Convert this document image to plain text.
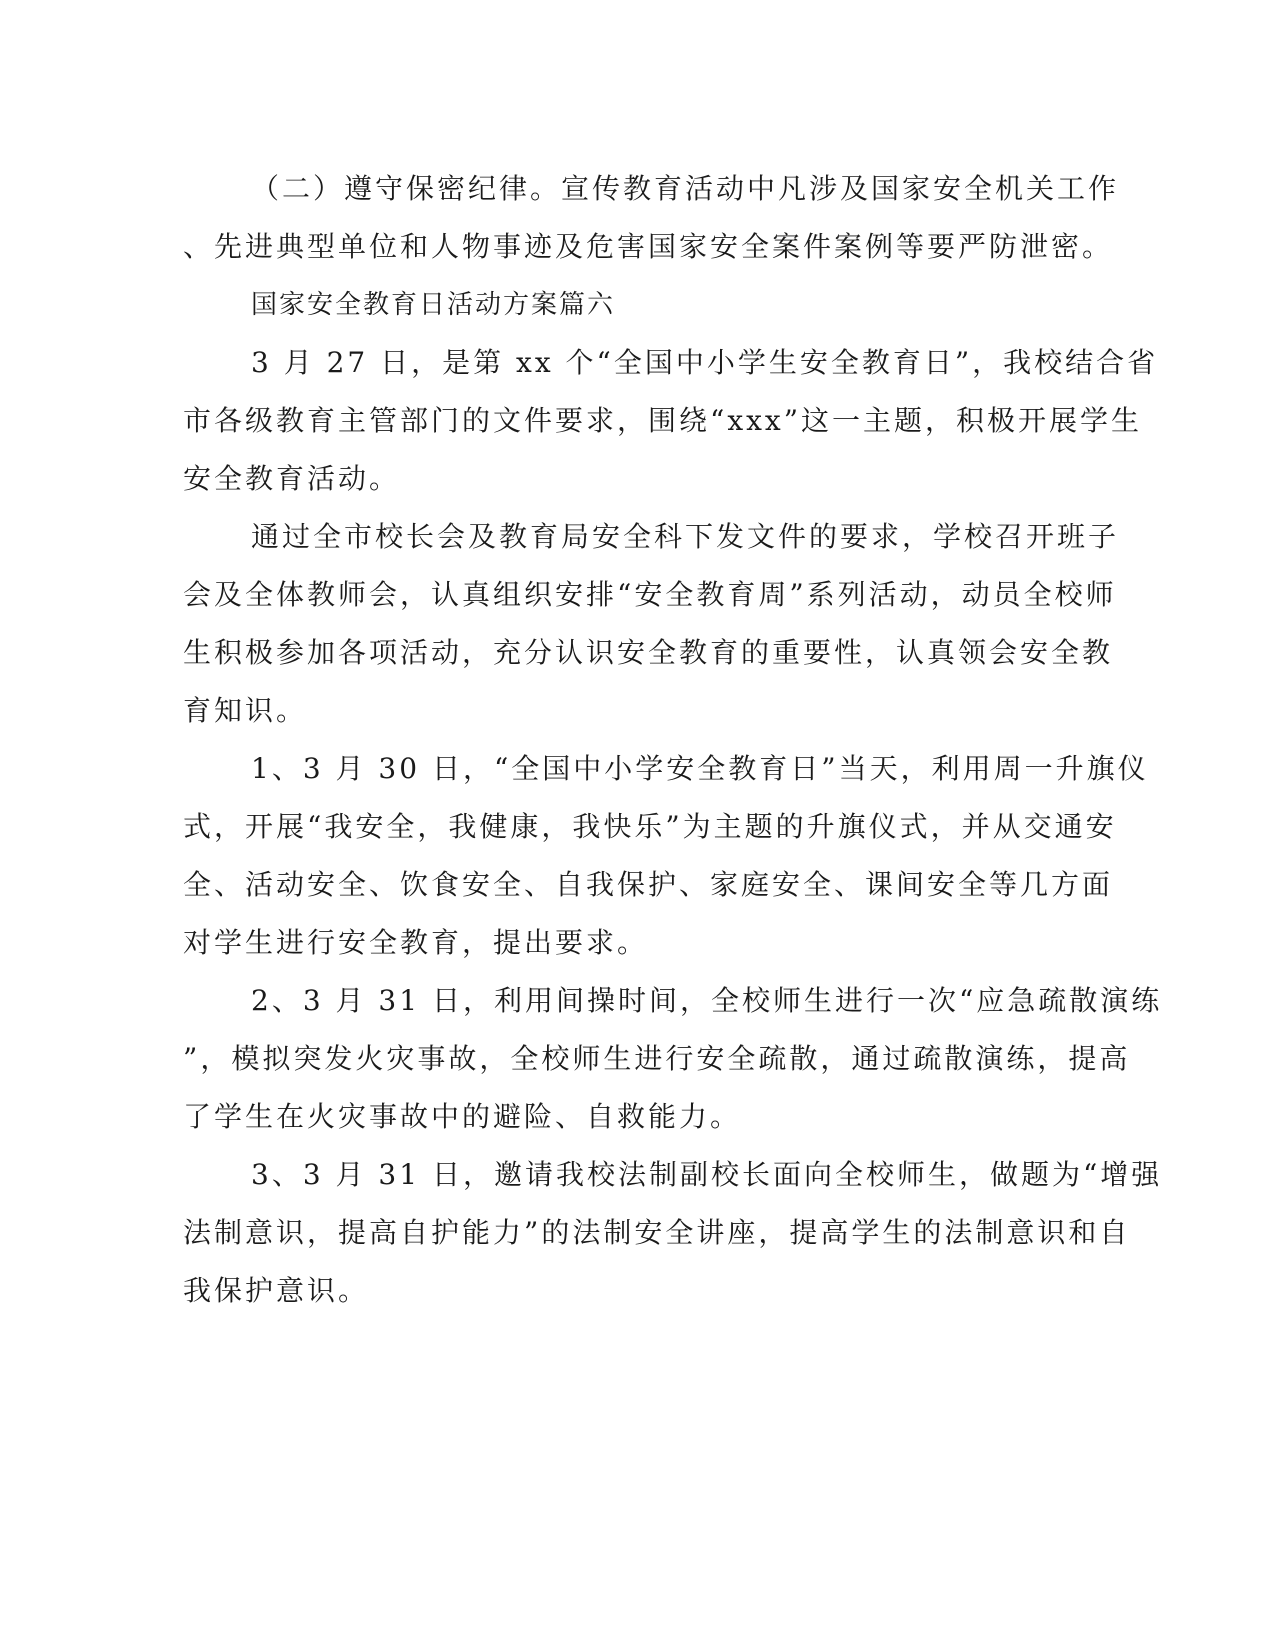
（二）遵守保密纪律。宣传教育活动中凡涉及国家安全机关工作
、先进典型单位和人物事迹及危害国家安全案件案例等要严防泄密。
国家安全教育日活动方案篇六
3 月 27 日，是第 xx 个“全国中小学生安全教育日”，我校结合省
市各级教育主管部门的文件要求，围绕“xxx”这一主题，积极开展学生
安全教育活动。
通过全市校长会及教育局安全科下发文件的要求，学校召开班子
会及全体教师会，认真组织安排“安全教育周”系列活动，动员全校师
生积极参加各项活动，充分认识安全教育的重要性，认真领会安全教
育知识。
1、3 月 30 日，“全国中小学安全教育日”当天，利用周一升旗仪
式，开展“我安全，我健康，我快乐”为主题的升旗仪式，并从交通安
全、活动安全、饮食安全、自我保护、家庭安全、课间安全等几方面
对学生进行安全教育，提出要求。
2、3 月 31 日，利用间操时间，全校师生进行一次“应急疏散演练
”，模拟突发火灾事故，全校师生进行安全疏散，通过疏散演练，提高
了学生在火灾事故中的避险、自救能力。
3、3 月 31 日，邀请我校法制副校长面向全校师生，做题为“增强
法制意识，提高自护能力”的法制安全讲座，提高学生的法制意识和自
我保护意识。
